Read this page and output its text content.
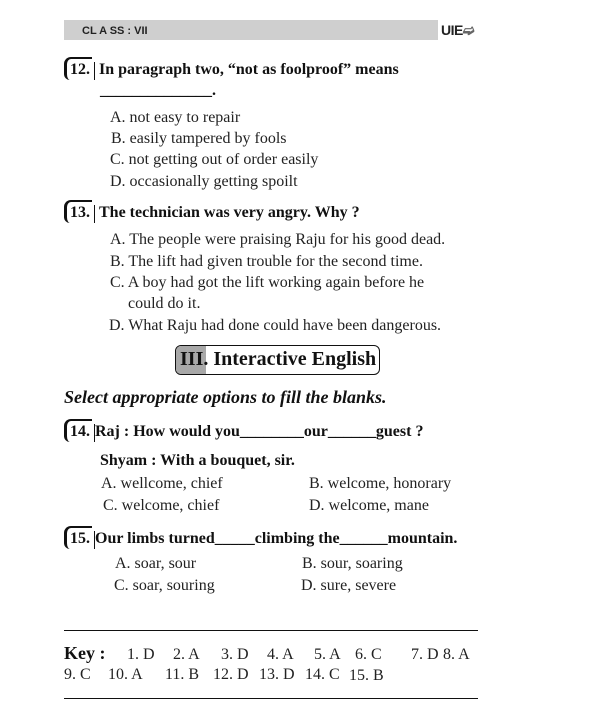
CL A SS : VII	UIE➫
12. In paragraph two, “not as foolproof” means
______________.
A. not easy to repair
B. easily tampered by fools
C. not getting out of order easily
D. occasionally getting spoilt
13. The technician was very angry. Why ?
A. The people were praising Raju for his good dead.
B. The lift had given trouble for the second time.
C. A boy had got the lift working again before he
could do it.
D. What Raju had done could have been dangerous.
III. Interactive English
Select appropriate options to fill the blanks.
14. Raj : How would you________our______guest ?
Shyam : With a bouquet, sir.
A. wellcome, chief	B. welcome, honorary
C. welcome, chief	D. welcome, mane
15. Our limbs turned_____climbing the______mountain.
A. soar, sour	B. sour, soaring
C. soar, souring	D. sure, severe
Key : 1. D 2. A 3. D 4. A 5. A 6. C 7. D 8. A
9. C 10. A 11. B 12. D 13. D 14. C 15. B
